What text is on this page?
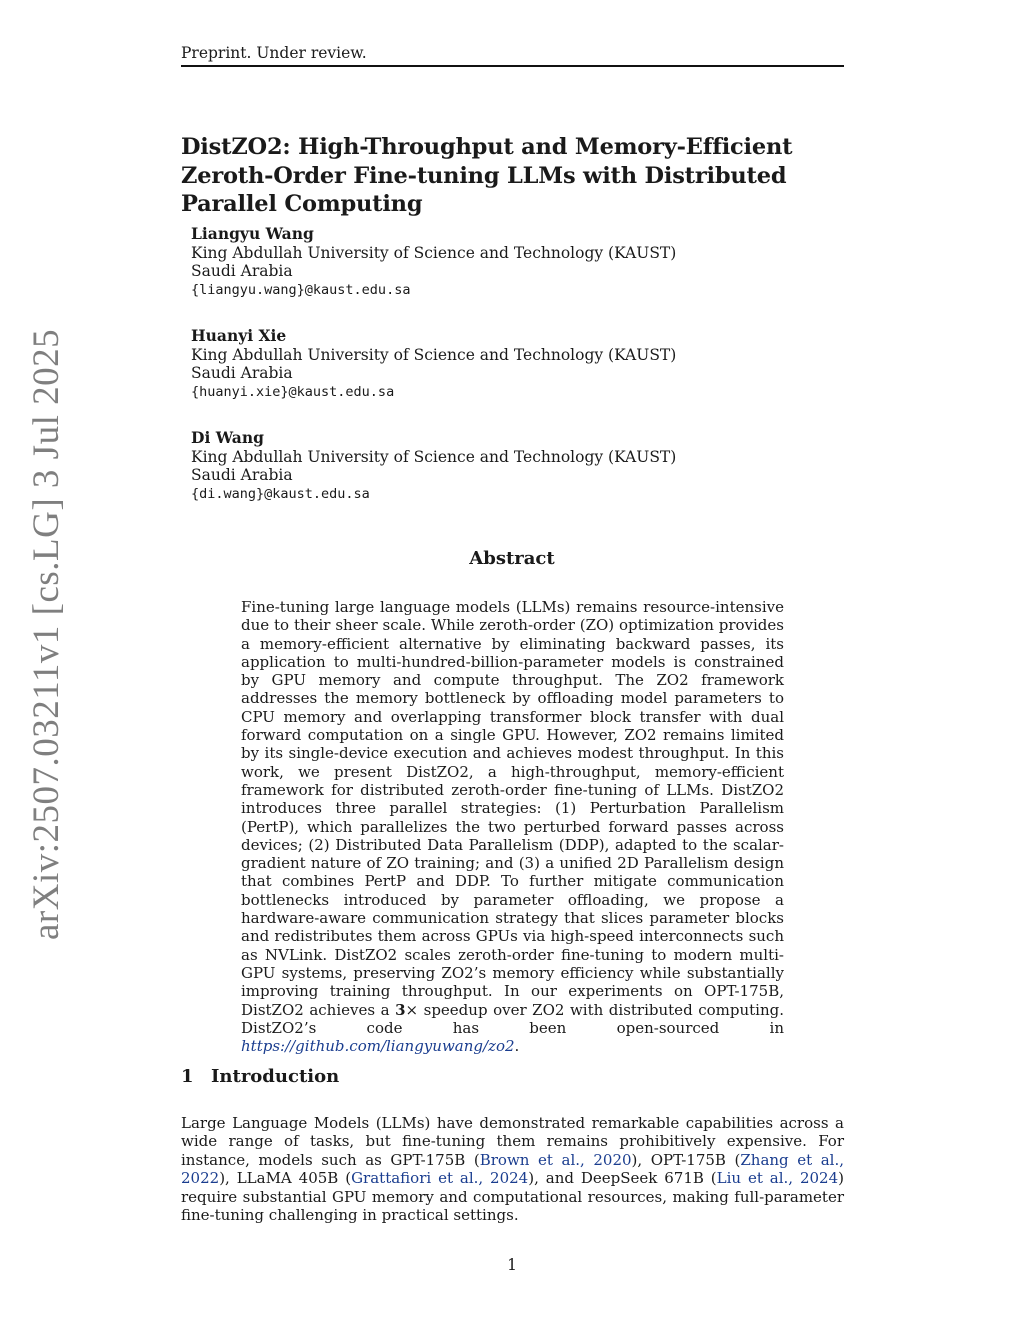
Preprint. Under review.
DistZO2: High-Throughput and Memory-Efficient Zeroth-Order Fine-tuning LLMs with Distributed Parallel Computing
Liangyu Wang
King Abdullah University of Science and Technology (KAUST)
Saudi Arabia
{liangyu.wang}@kaust.edu.sa
Huanyi Xie
King Abdullah University of Science and Technology (KAUST)
Saudi Arabia
{huanyi.xie}@kaust.edu.sa
Di Wang
King Abdullah University of Science and Technology (KAUST)
Saudi Arabia
{di.wang}@kaust.edu.sa
arXiv:2507.03211v1 [cs.LG] 3 Jul 2025	Abstract

Fine-tuning large language models (LLMs) remains resource-intensive due to their sheer scale. While zeroth-order (ZO) optimization provides a memory-efficient alternative by eliminating backward passes, its application to multi-hundred-billion-parameter models is constrained by GPU memory and compute throughput. The ZO2 framework addresses the memory bottleneck by offloading model parameters to CPU memory and overlapping transformer block transfer with dual forward computation on a single GPU. However, ZO2 remains limited by its single-device execution and achieves modest throughput. In this work, we present DistZO2, a high-throughput, memory-efficient framework for distributed zeroth-order fine-tuning of LLMs. DistZO2 introduces three parallel strategies: (1) Perturbation Parallelism (PertP), which parallelizes the two perturbed forward passes across devices; (2) Distributed Data Parallelism (DDP), adapted to the scalar-gradient nature of ZO training; and (3) a unified 2D Parallelism design that combines PertP and DDP. To further mitigate communication bottlenecks introduced by parameter offloading, we propose a hardware-aware communication strategy that slices parameter blocks and redistributes them across GPUs via high-speed interconnects such as NVLink. DistZO2 scales zeroth-order fine-tuning to modern multi-GPU systems, preserving ZO2’s memory efficiency while substantially improving training throughput. In our experiments on OPT-175B, DistZO2 achieves a 3× speedup over ZO2 with distributed computing. DistZO2’s code has been open-sourced in https://github.com/liangyuwang/zo2.

1 Introduction

Large Language Models (LLMs) have demonstrated remarkable capabilities across a wide range of tasks, but fine-tuning them remains prohibitively expensive. For instance, models such as GPT-175B (Brown et al., 2020), OPT-175B (Zhang et al., 2022), LLaMA 405B (Grattafiori et al., 2024), and DeepSeek 671B (Liu et al., 2024) require substantial GPU memory and computational resources, making full-parameter fine-tuning challenging in practical settings.

1
